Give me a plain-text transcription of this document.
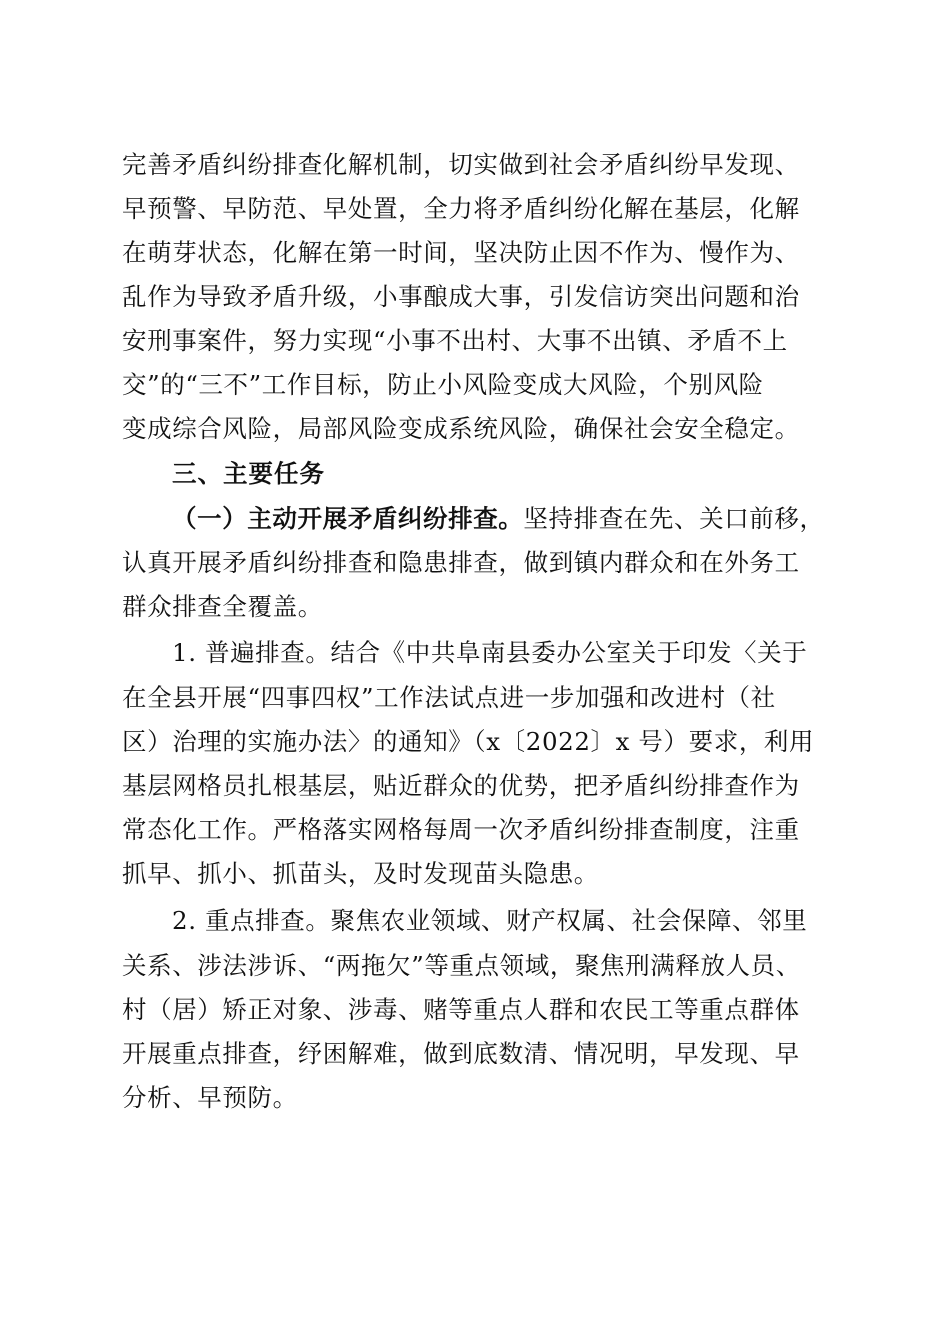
完善矛盾纠纷排查化解机制，切实做到社会矛盾纠纷早发现、
早预警、早防范、早处置，全力将矛盾纠纷化解在基层，化解
在萌芽状态，化解在第一时间，坚决防止因不作为、慢作为、
乱作为导致矛盾升级，小事酿成大事，引发信访突出问题和治
安刑事案件，努力实现“小事不出村、大事不出镇、矛盾不上
交”的“三不”工作目标，防止小风险变成大风险，个别风险
变成综合风险，局部风险变成系统风险，确保社会安全稳定。
三、主要任务
（一）主动开展矛盾纠纷排查。坚持排查在先、关口前移，
认真开展矛盾纠纷排查和隐患排查，做到镇内群众和在外务工
群众排查全覆盖。
1. 普遍排查。结合《中共阜南县委办公室关于印发〈关于
在全县开展“四事四权”工作法试点进一步加强和改进村（社
区）治理的实施办法〉的通知》（x〔2022〕x 号）要求，利用
基层网格员扎根基层，贴近群众的优势，把矛盾纠纷排查作为
常态化工作。严格落实网格每周一次矛盾纠纷排查制度，注重
抓早、抓小、抓苗头，及时发现苗头隐患。
2. 重点排查。聚焦农业领域、财产权属、社会保障、邻里
关系、涉法涉诉、“两拖欠”等重点领域，聚焦刑满释放人员、
村（居）矫正对象、涉毒、赌等重点人群和农民工等重点群体
开展重点排查，纾困解难，做到底数清、情况明，早发现、早
分析、早预防。
